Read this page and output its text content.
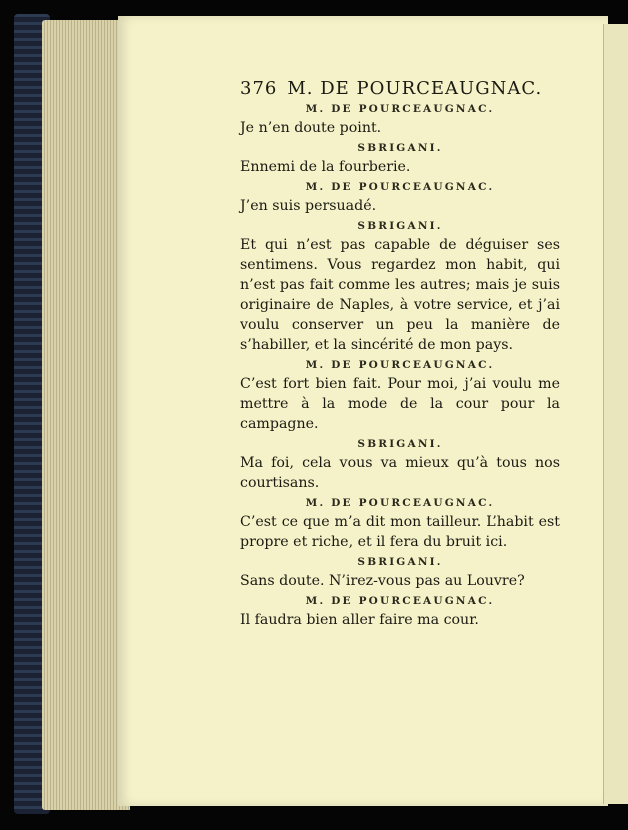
376 M. DE POURCEAUGNAC.
M. DE POURCEAUGNAC.

Je n’en doute point.

SBRIGANI.

Ennemi de la fourberie.

M. DE POURCEAUGNAC.

J’en suis persuadé.

SBRIGANI.

Et qui n’est pas capable de déguiser ses sentimens. Vous regardez mon habit, qui n’est pas fait comme les autres; mais je suis originaire de Naples, à votre service, et j’ai voulu conserver un peu la manière de s’habiller, et la sincérité de mon pays.

M. DE POURCEAUGNAC.

C’est fort bien fait. Pour moi, j’ai voulu me mettre à la mode de la cour pour la campagne.

SBRIGANI.

Ma foi, cela vous va mieux qu’à tous nos courtisans.

M. DE POURCEAUGNAC.

C’est ce que m’a dit mon tailleur. L’habit est propre et riche, et il fera du bruit ici.

SBRIGANI.

Sans doute. N’irez-vous pas au Louvre?

M. DE POURCEAUGNAC.

Il faudra bien aller faire ma cour.
